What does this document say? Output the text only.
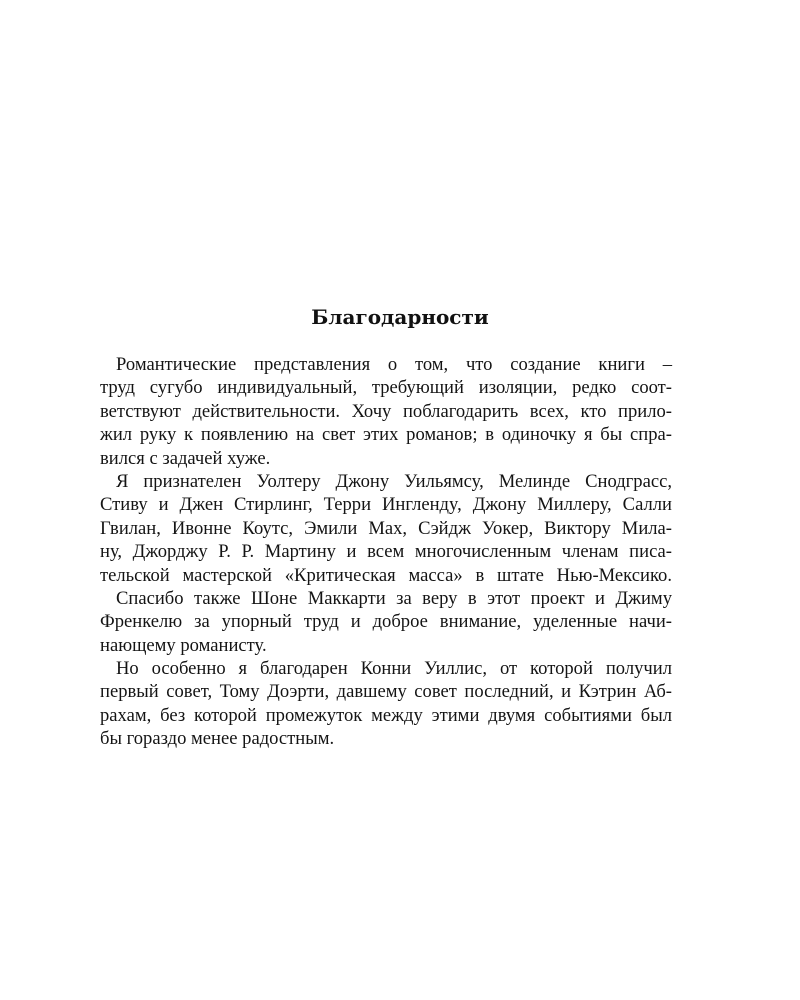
Благодарности
Романтические представления о том, что создание книги –
труд сугубо индивидуальный, требующий изоляции, редко соот-
ветствуют действительности. Хочу поблагодарить всех, кто прило-
жил руку к появлению на свет этих романов; в одиночку я бы спра-
вился с задачей хуже.
Я признателен Уолтеру Джону Уильямсу, Мелинде Снодграсс,
Стиву и Джен Стирлинг, Терри Инглендy, Джону Миллеру, Салли
Гвилан, Ивонне Коутс, Эмили Мах, Сэйдж Уокер, Виктору Мила-
ну, Джорджу Р. Р. Мартину и всем многочисленным членам писа-
тельской мастерской «Критическая масса» в штате Нью-Мексико.
Спасибо также Шоне Маккарти за веру в этот проект и Джиму
Френкелю за упорный труд и доброе внимание, уделенные начи-
нающему романисту.
Но особенно я благодарен Конни Уиллис, от которой получил
первый совет, Тому Доэрти, давшему совет последний, и Кэтрин Аб-
рахам, без которой промежуток между этими двумя событиями был
бы гораздо менее радостным.
